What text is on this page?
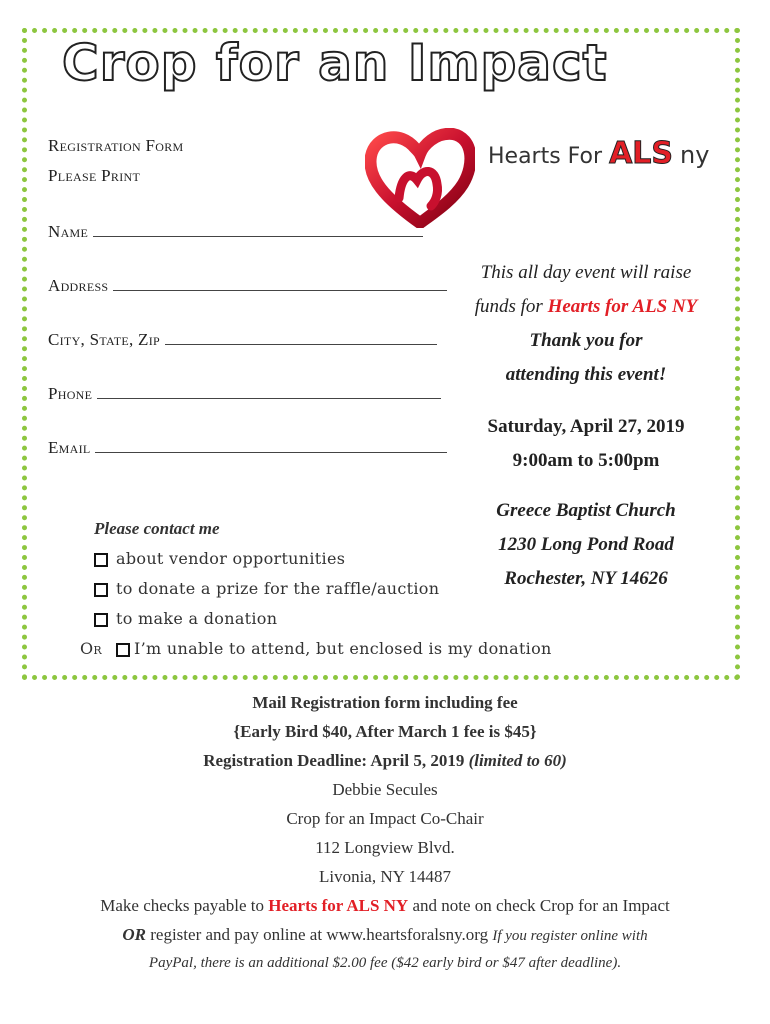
Crop for an Impact
Registration Form
Please Print
Hearts For ALS ny
Name
Address
City, State, Zip
Phone
Email
This all day event will raise
funds for Hearts for ALS NY
Thank you for
attending this event!
Saturday, April 27, 2019
9:00am to 5:00pm
Greece Baptist Church
1230 Long Pond Road
Rochester, NY 14626
Please contact me
about vendor opportunities
to donate a prize for the raffle/auction
to make a donation
Or I’m unable to attend, but enclosed is my donation
Mail Registration form including fee
{Early Bird $40, After March 1 fee is $45}
Registration Deadline: April 5, 2019 (limited to 60)
Debbie Secules
Crop for an Impact Co-Chair
112 Longview Blvd.
Livonia, NY 14487
Make checks payable to Hearts for ALS NY and note on check Crop for an Impact
OR register and pay online at www.heartsforalsny.org If you register online with
PayPal, there is an additional $2.00 fee ($42 early bird or $47 after deadline).
